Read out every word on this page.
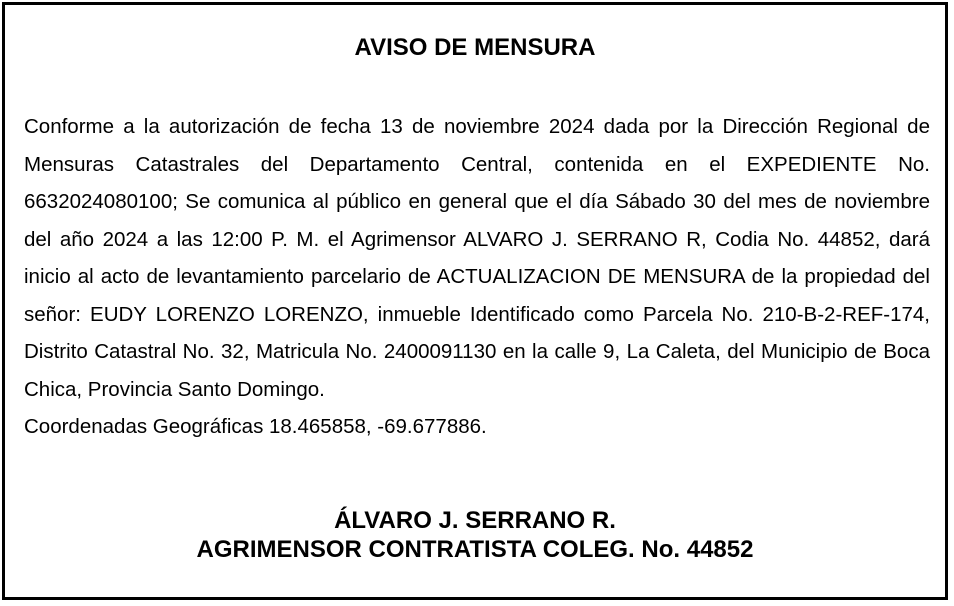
AVISO DE MENSURA

Conforme a la autorización de fecha 13 de noviembre 2024 dada por la Dirección Regional de Mensuras Catastrales del Departamento Central, contenida en el EXPEDIENTE No. 6632024080100; Se comunica al público en general que el día Sábado 30 del mes de noviembre del año 2024 a las 12:00 P. M. el Agrimensor ALVARO J. SERRANO R, Codia No. 44852, dará inicio al acto de levantamiento parcelario de ACTUALIZACION DE MENSURA de la propiedad del señor: EUDY LORENZO LORENZO, inmueble Identificado como Parcela No. 210-B-2-REF-174, Distrito Catastral No. 32, Matricula No. 2400091130 en la calle 9, La Caleta, del Municipio de Boca Chica, Provincia Santo Domingo.

Coordenadas Geográficas 18.465858, -69.677886.

ÁLVARO J. SERRANO R.
AGRIMENSOR CONTRATISTA COLEG. No. 44852
